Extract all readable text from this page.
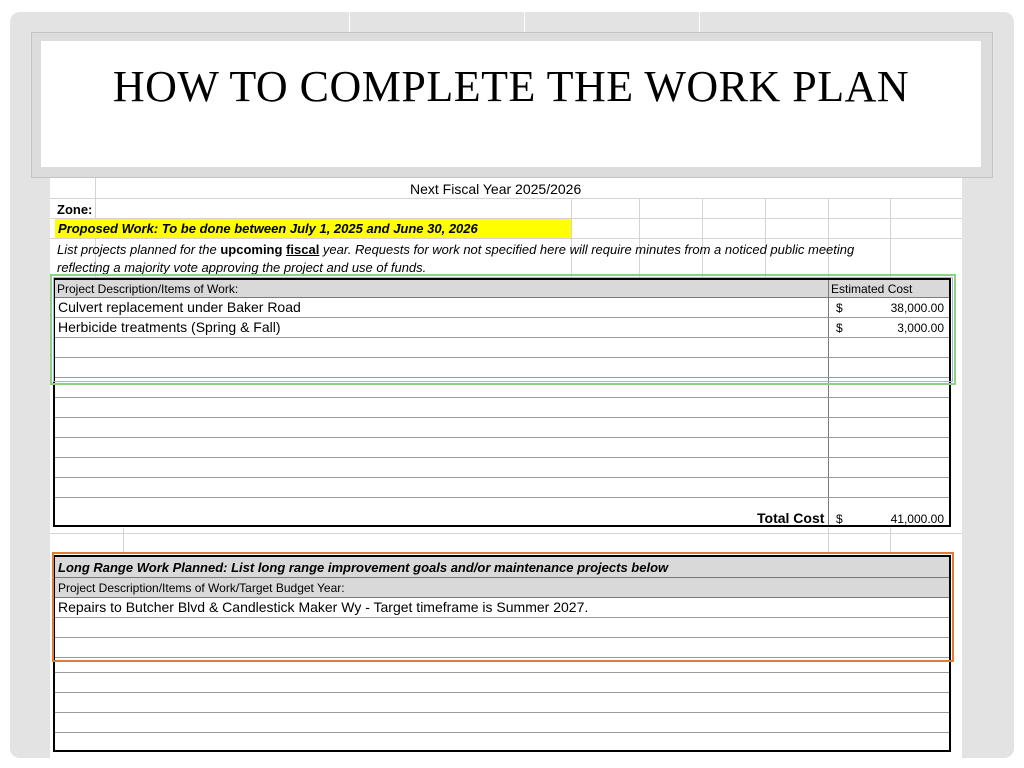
HOW TO COMPLETE THE WORK PLAN
Next Fiscal Year 2025/2026
Zone:
Proposed Work: To be done between July 1, 2025 and June 30, 2026
List projects planned for the upcoming fiscal year. Requests for work not specified here will require minutes from a noticed public meeting
reflecting a majority vote approving the project and use of funds.
Project Description/Items of Work:	Estimated Cost
Culvert replacement under Baker Road	$	38,000.00
Herbicide treatments (Spring & Fall)	$	3,000.00
Total Cost $	41,000.00
Long Range Work Planned: List long range improvement goals and/or maintenance projects below
Project Description/Items of Work/Target Budget Year:
Repairs to Butcher Blvd & Candlestick Maker Wy - Target timeframe is Summer 2027.
